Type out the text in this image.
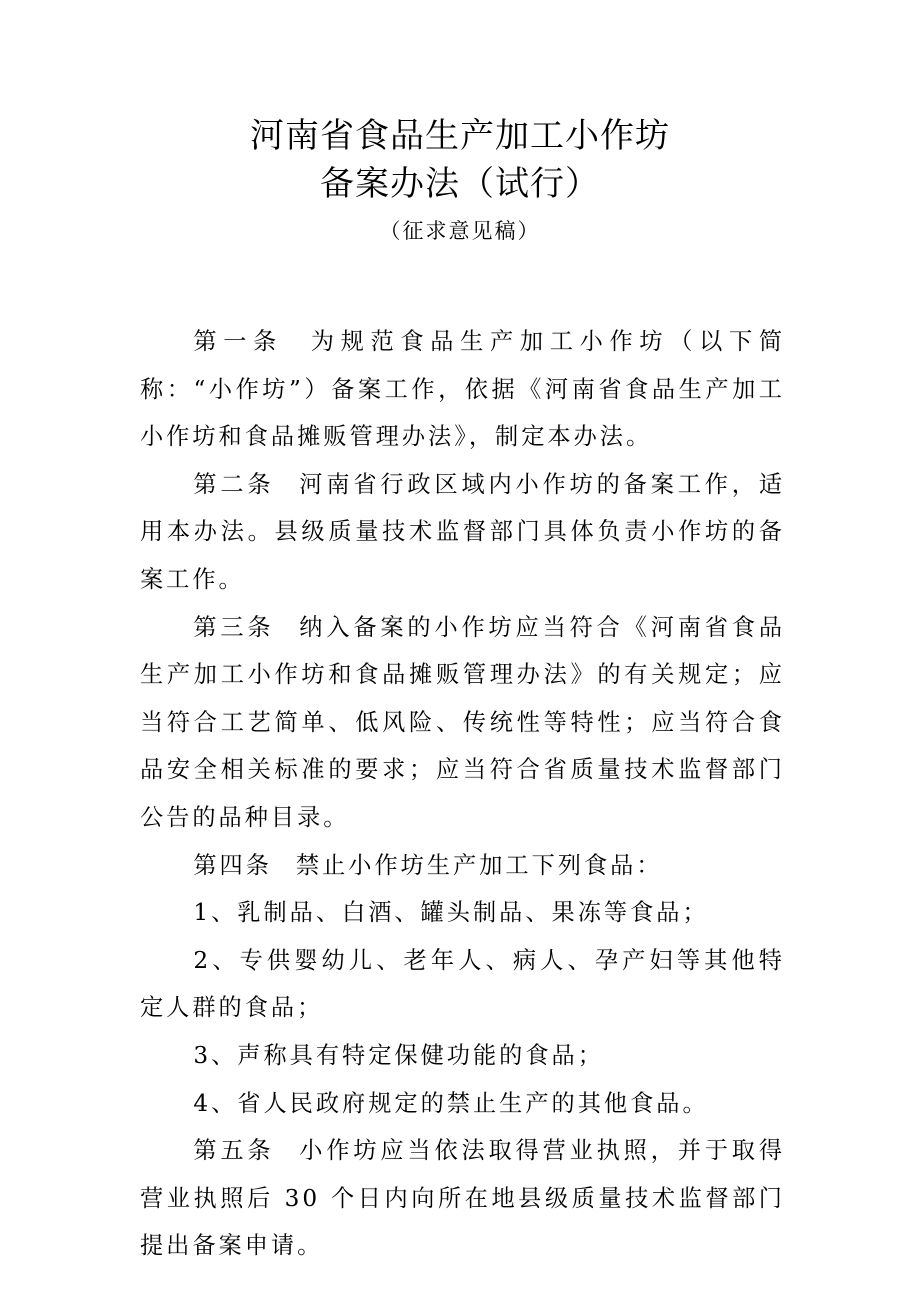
河南省食品生产加工小作坊
备案办法（试行）
（征求意见稿）

第一条 为规范食品生产加工小作坊（以下简称：“小作坊”）备案工作，依据《河南省食品生产加工小作坊和食品摊贩管理办法》，制定本办法。

第二条 河南省行政区域内小作坊的备案工作，适用本办法。县级质量技术监督部门具体负责小作坊的备案工作。

第三条 纳入备案的小作坊应当符合《河南省食品生产加工小作坊和食品摊贩管理办法》的有关规定；应当符合工艺简单、低风险、传统性等特性；应当符合食品安全相关标准的要求；应当符合省质量技术监督部门公告的品种目录。

第四条 禁止小作坊生产加工下列食品：

1、乳制品、白酒、罐头制品、果冻等食品；

2、专供婴幼儿、老年人、病人、孕产妇等其他特定人群的食品；

3、声称具有特定保健功能的食品；

4、省人民政府规定的禁止生产的其他食品。

第五条 小作坊应当依法取得营业执照，并于取得营业执照后 30 个日内向所在地县级质量技术监督部门提出备案申请。
